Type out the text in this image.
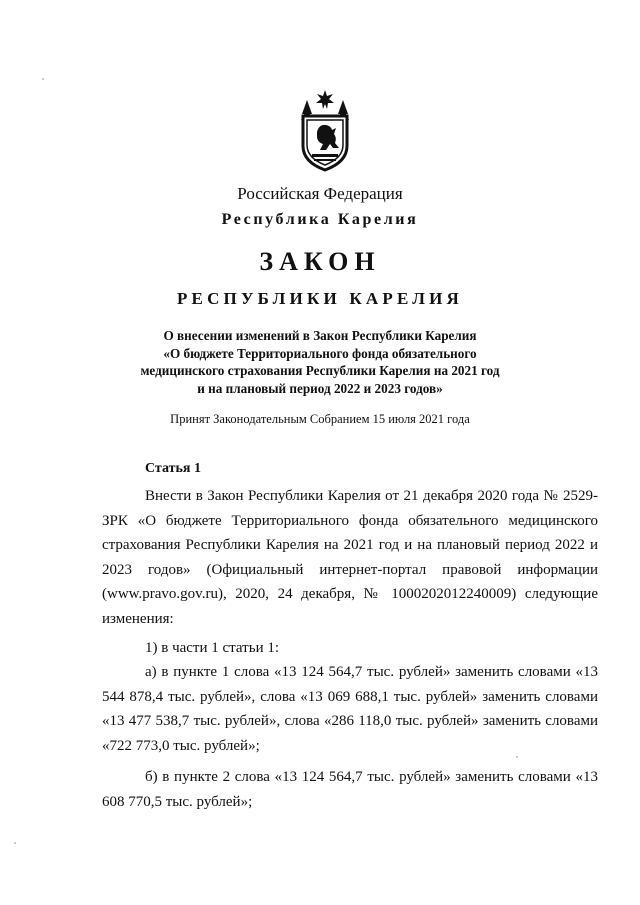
Российская Федерация
Республика Карелия
ЗАКОН
РЕСПУБЛИКИ КАРЕЛИЯ
О внесении изменений в Закон Республики Карелия
«О бюджете Территориального фонда обязательного
медицинского страхования Республики Карелия на 2021 год
и на плановый период 2022 и 2023 годов»
Принят Законодательным Собранием 15 июля 2021 года
Статья 1
Внести в Закон Республики Карелия от 21 декабря 2020 года № 2529-ЗРК «О бюджете Территориального фонда обязательного медицинского страхования Республики Карелия на 2021 год и на плановый период 2022 и 2023 годов» (Официальный интернет-портал правовой информации (www.pravo.gov.ru), 2020, 24 декабря, № 1000202012240009) следующие изменения:
1) в части 1 статьи 1:
а) в пункте 1 слова «13 124 564,7 тыс. рублей» заменить словами «13 544 878,4 тыс. рублей», слова «13 069 688,1 тыс. рублей» заменить словами «13 477 538,7 тыс. рублей», слова «286 118,0 тыс. рублей» заменить словами «722 773,0 тыс. рублей»;
б) в пункте 2 слова «13 124 564,7 тыс. рублей» заменить словами «13 608 770,5 тыс. рублей»;
